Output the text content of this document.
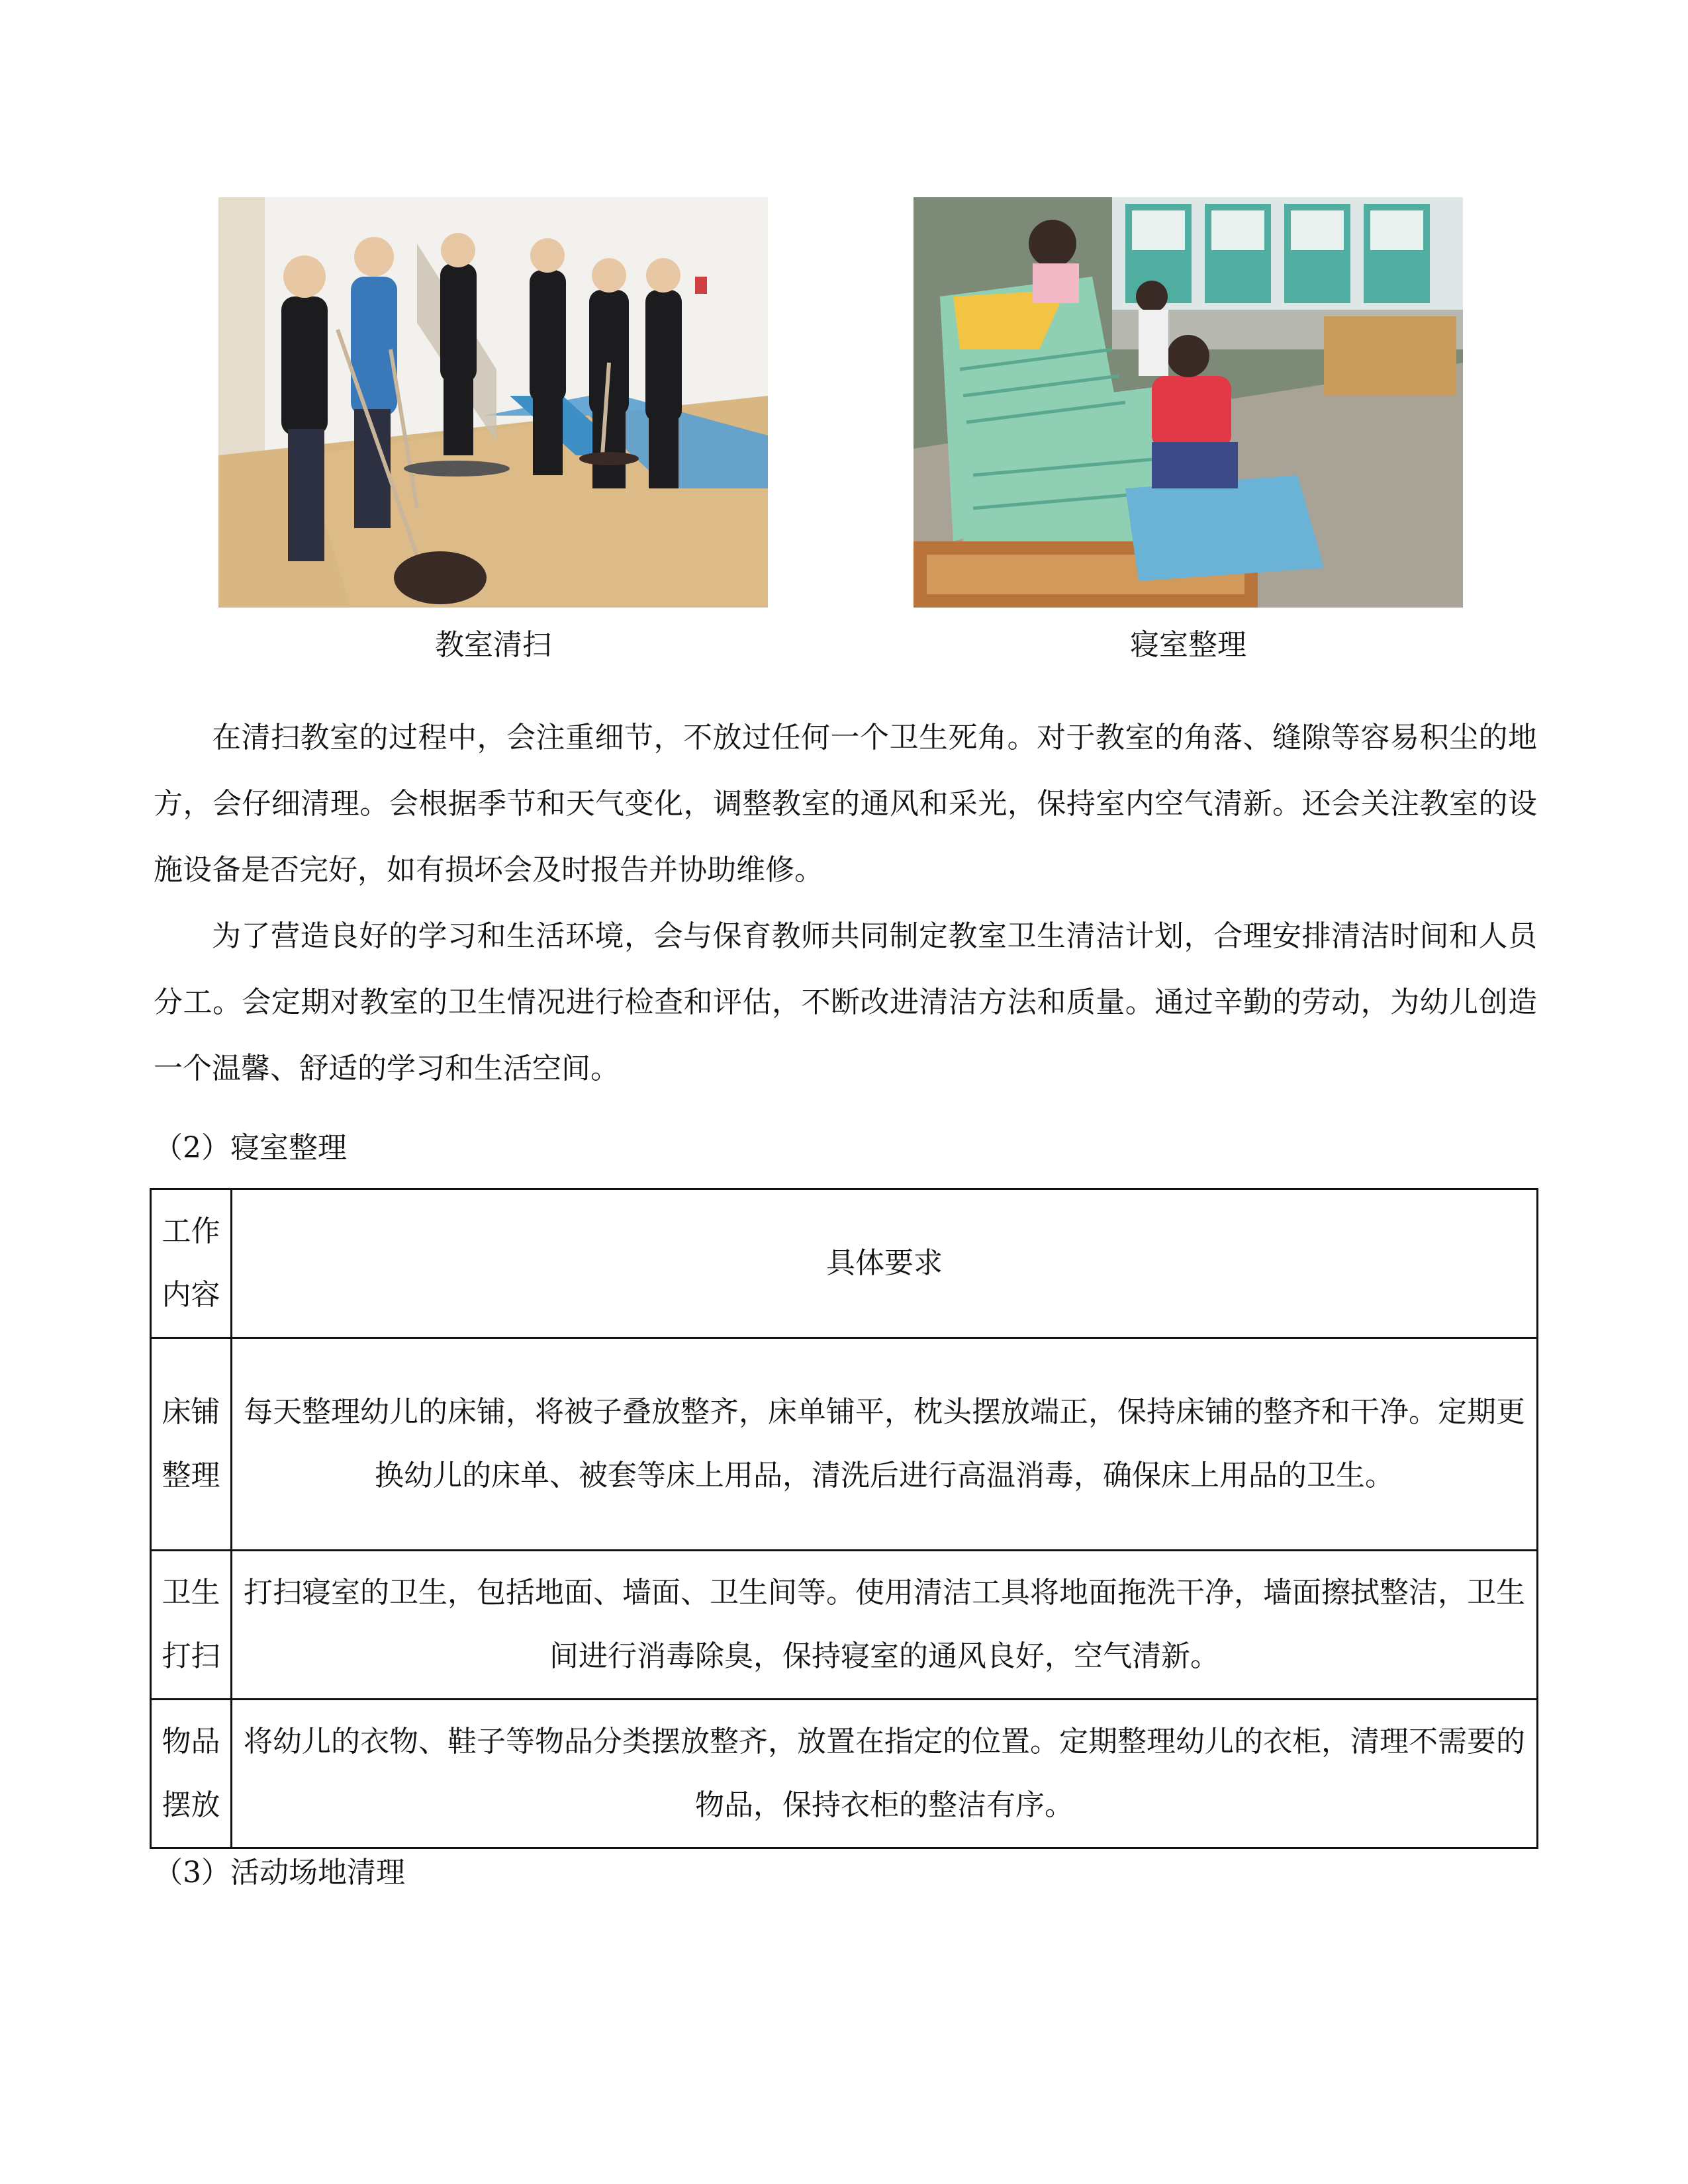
教室清扫	寝室整理

在清扫教室的过程中，会注重细节，不放过任何一个卫生死角。对于教室的角落、缝隙等容易积尘的地方，会仔细清理。会根据季节和天气变化，调整教室的通风和采光，保持室内空气清新。还会关注教室的设施设备是否完好，如有损坏会及时报告并协助维修。

为了营造良好的学习和生活环境，会与保育教师共同制定教室卫生清洁计划，合理安排清洁时间和人员分工。会定期对教室的卫生情况进行检查和评估，不断改进清洁方法和质量。通过辛勤的劳动，为幼儿创造一个温馨、舒适的学习和生活空间。

（2）寝室整理
工作
内容	具体要求

床铺
整理	每天整理幼儿的床铺，将被子叠放整齐，床单铺平，枕头摆放端正，保持床铺的整齐和干净。定期更换幼儿的床单、被套等床上用品，清洗后进行高温消毒，确保床上用品的卫生。

卫生
打扫	打扫寝室的卫生，包括地面、墙面、卫生间等。使用清洁工具将地面拖洗干净，墙面擦拭整洁，卫生间进行消毒除臭，保持寝室的通风良好，空气清新。

物品
摆放	将幼儿的衣物、鞋子等物品分类摆放整齐，放置在指定的位置。定期整理幼儿的衣柜，清理不需要的物品，保持衣柜的整洁有序。
（3）活动场地清理
